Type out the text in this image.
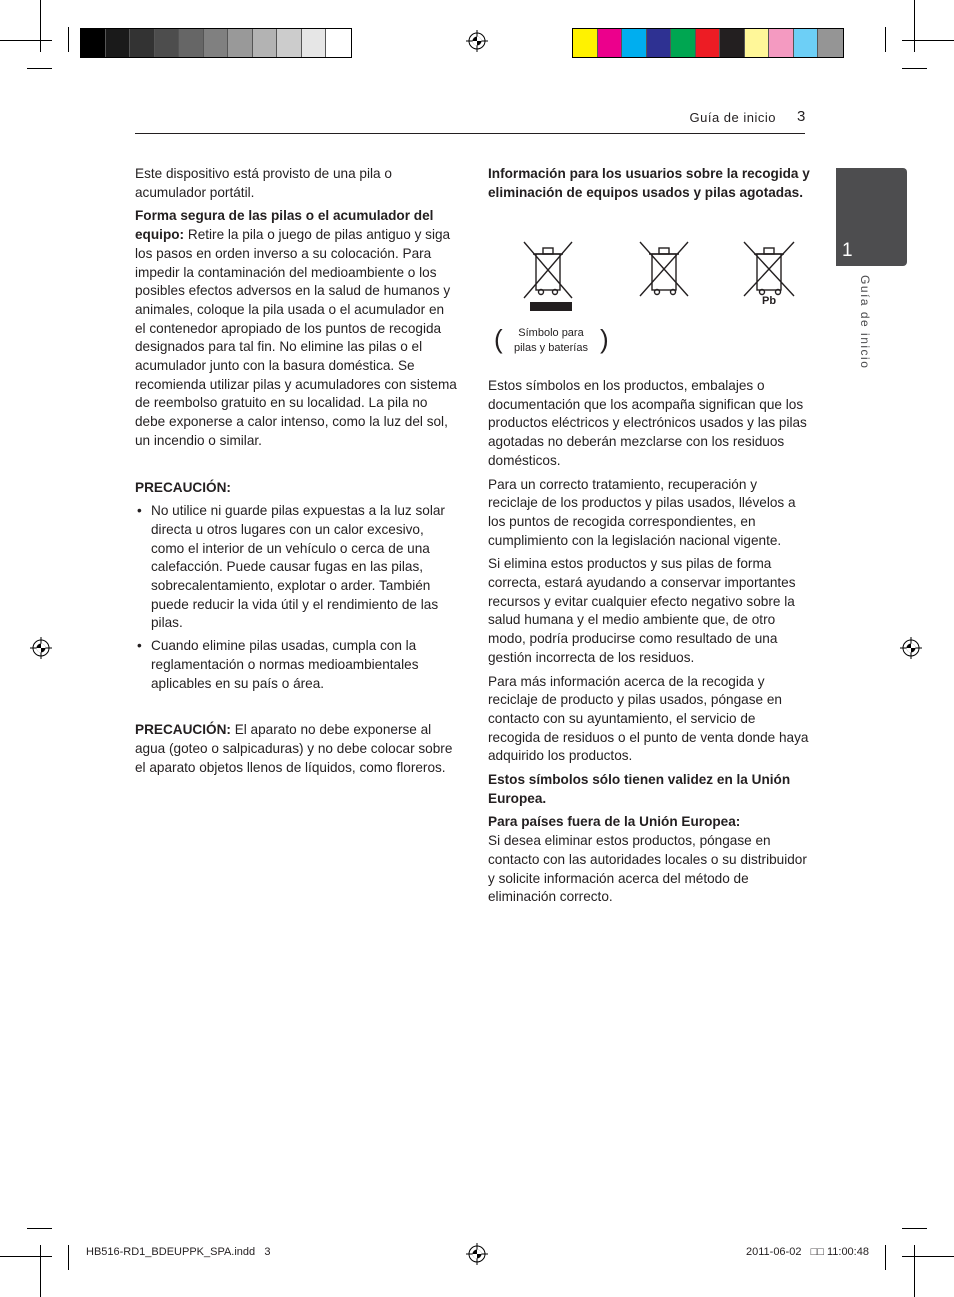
Guía de inicio 3
1
Guía de inicio

Este dispositivo está provisto de una pila o acumulador portátil.

Forma segura de las pilas o el acumulador del equipo: Retire la pila o juego de pilas antiguo y siga los pasos en orden inverso a su colocación. Para impedir la contaminación del medioambiente o los posibles efectos adversos en la salud de humanos y animales, coloque la pila usada o el acumulador en el contenedor apropiado de los puntos de recogida designados para tal fin. No elimine las pilas o el acumulador junto con la basura doméstica. Se recomienda utilizar pilas y acumuladores con sistema de reembolso gratuito en su localidad. La pila no debe exponerse a calor intenso, como la luz del sol, un incendio o similar.

PRECAUCIÓN:

• No utilice ni guarde pilas expuestas a la luz solar directa u otros lugares con un calor excesivo, como el interior de un vehículo o cerca de una calefacción. Puede causar fugas en las pilas, sobrecalentamiento, explotar o arder. También puede reducir la vida útil y el rendimiento de las pilas.
• Cuando elimine pilas usadas, cumpla con la reglamentación o normas medioambientales aplicables en su país o área.

PRECAUCIÓN: El aparato no debe exponerse al agua (goteo o salpicaduras) y no debe colocar sobre el aparato objetos llenos de líquidos, como floreros.

Información para los usuarios sobre la recogida y eliminación de equipos usados y pilas agotadas.

Pb
(	Símbolo para pilas y baterías )

Estos símbolos en los productos, embalajes o documentación que los acompaña significan que los productos eléctricos y electrónicos usados y las pilas agotadas no deberán mezclarse con los residuos domésticos.

Para un correcto tratamiento, recuperación y reciclaje de los productos y pilas usados, llévelos a los puntos de recogida correspondientes, en cumplimiento con la legislación nacional vigente.

Si elimina estos productos y sus pilas de forma correcta, estará ayudando a conservar importantes recursos y evitar cualquier efecto negativo sobre la salud humana y el medio ambiente que, de otro modo, podría producirse como resultado de una gestión incorrecta de los residuos.

Para más información acerca de la recogida y reciclaje de producto y pilas usados, póngase en contacto con su ayuntamiento, el servicio de recogida de residuos o el punto de venta donde haya adquirido los productos.

Estos símbolos sólo tienen validez en la Unión Europea.

Para países fuera de la Unión Europea:

Si desea eliminar estos productos, póngase en contacto con las autoridades locales o su distribuidor y solicite información acerca del método de eliminación correcto.

HB516-RD1_BDEUPPK_SPA.indd   3	2011-06-02   □□ 11:00:48
